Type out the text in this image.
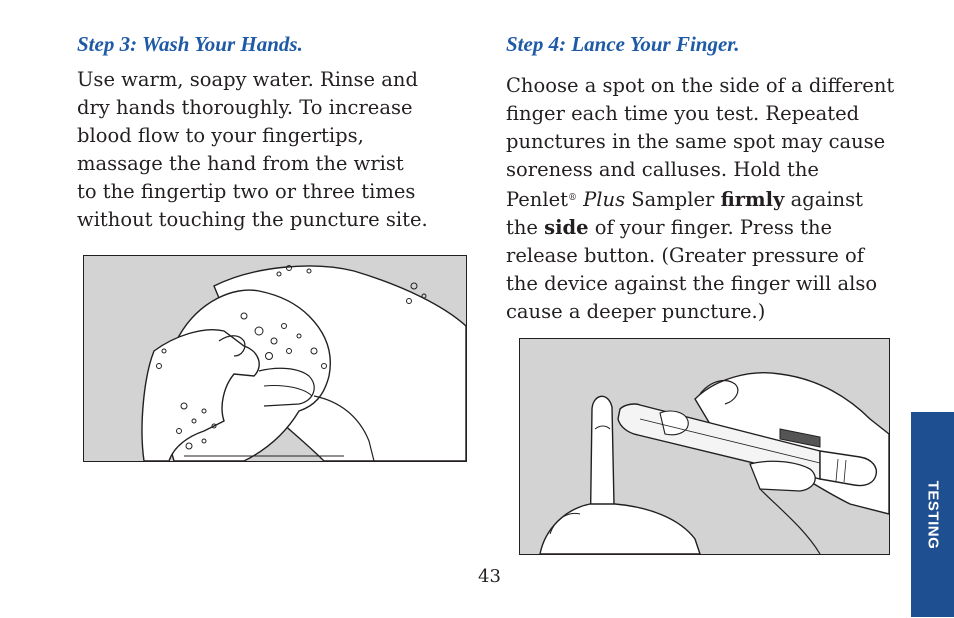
Step 3: Wash Your Hands.

Use warm, soapy water. Rinse and
dry hands thoroughly. To increase
blood flow to your fingertips,
massage the hand from the wrist
to the fingertip two or three times
without touching the puncture site.

Step 4: Lance Your Finger.

Choose a spot on the side of a different
finger each time you test. Repeated
punctures in the same spot may cause
soreness and calluses. Hold the
Penlet® Plus Sampler firmly against
the side of your finger. Press the
release button. (Greater pressure of
the device against the finger will also
cause a deeper puncture.)

TESTING
43
